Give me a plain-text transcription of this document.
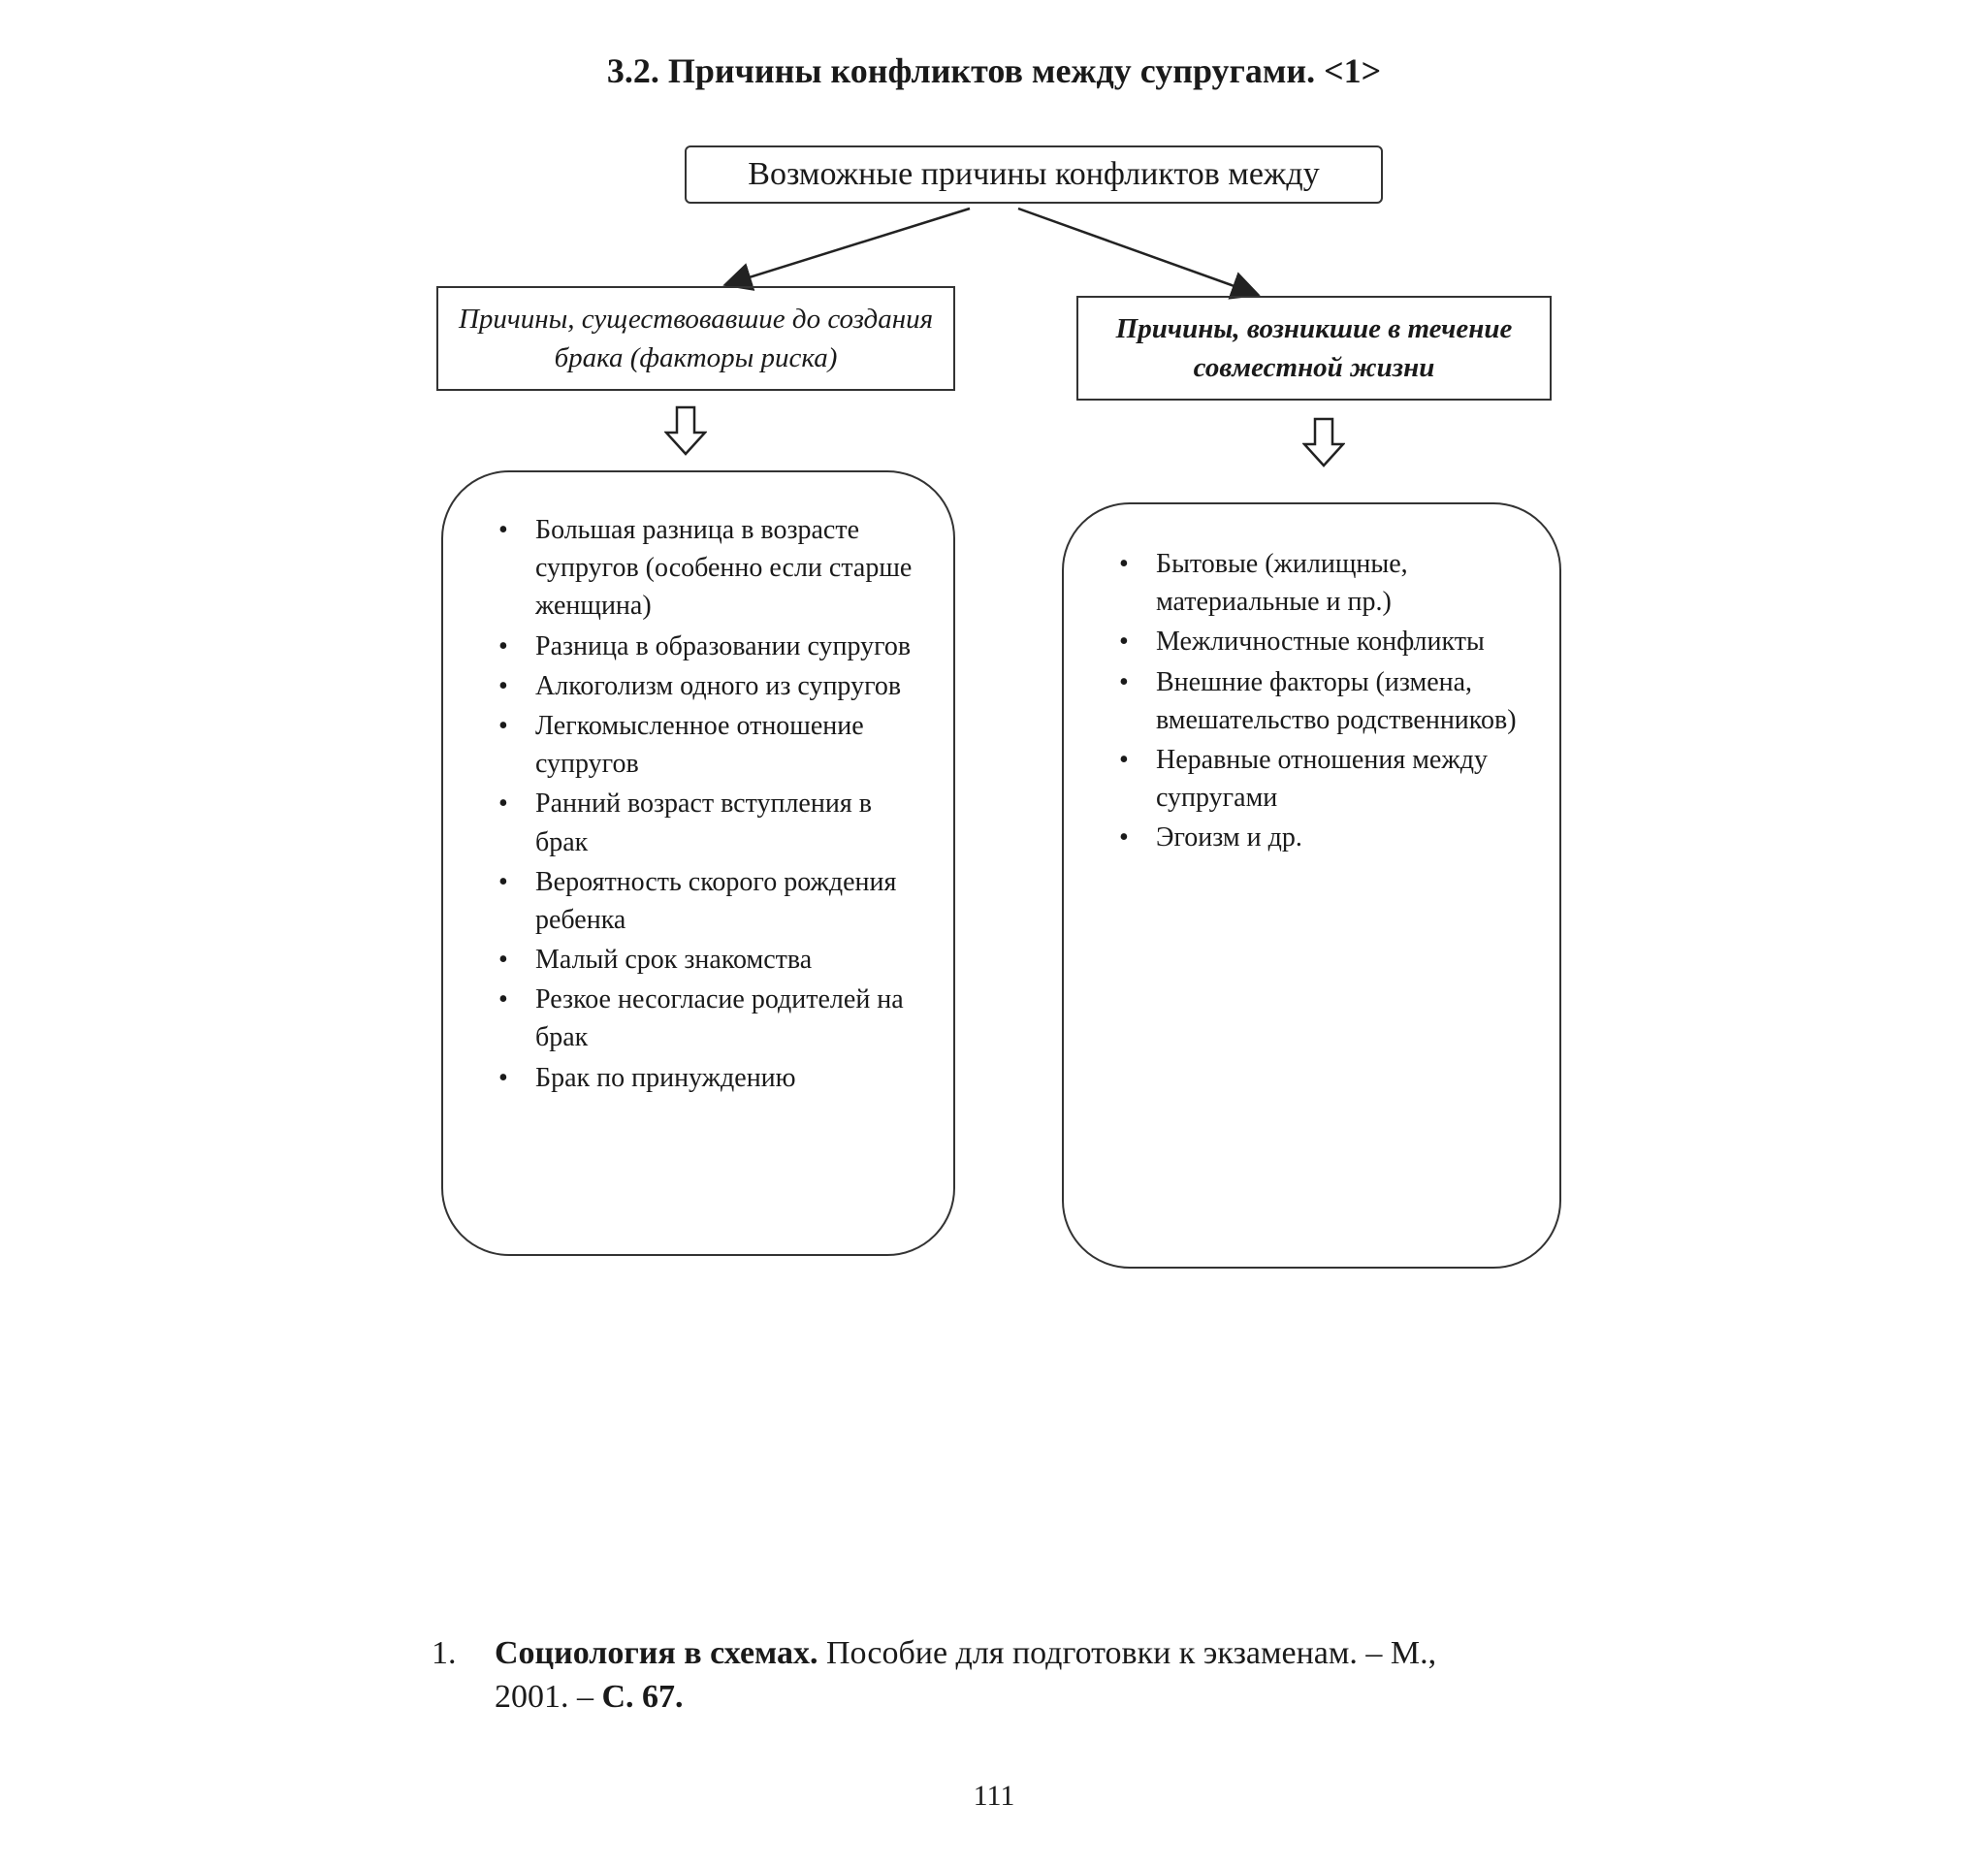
3.2. Причины конфликтов между супругами. <1>
Возможные причины конфликтов между
Причины, существовавшие до создания брака (факторы риска)
Причины, возникшие в течение совместной жизни
• Большая разница в возрасте супругов (особенно если старше женщина)
• Разница в образовании супругов
• Алкоголизм одного из супругов
• Легкомысленное отношение супругов
• Ранний возраст вступления в брак
• Вероятность скорого рождения ребенка
• Малый срок знакомства
• Резкое несогласие родителей на брак
• Брак по принуждению
• Бытовые (жилищные, материальные и пр.)
• Межличностные конфликты
• Внешние факторы (измена, вмешательство родственников)
• Неравные отношения между супругами
• Эгоизм и др.
1. Социология в схемах. Пособие для подготовки к экзаменам. – М.,
2001. – С. 67.
111
